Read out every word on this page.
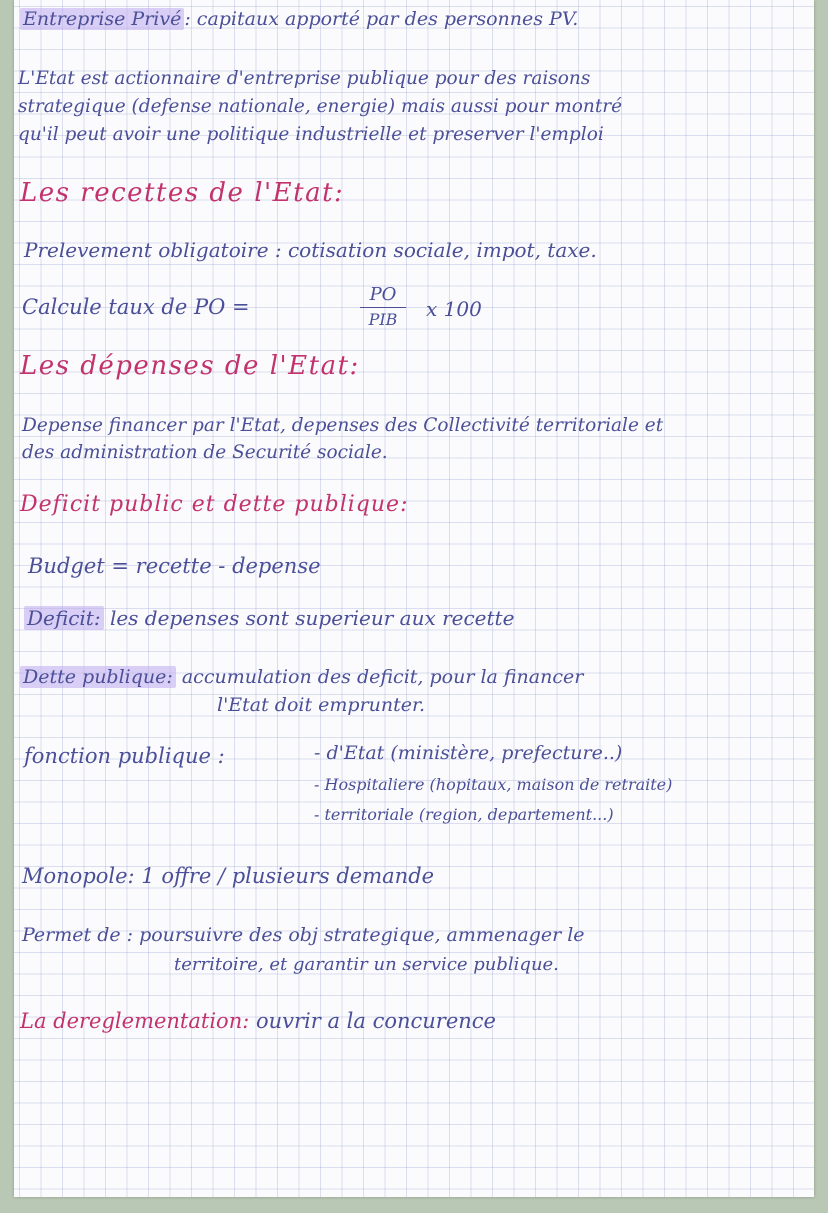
Entreprise Privé : capitaux apporté par des personnes PV.
L'Etat est actionnaire d'entreprise publique pour des raisons
strategique (defense nationale, energie) mais aussi pour montré
qu'il peut avoir une politique industrielle et preserver l'emploi
Les recettes de l'Etat:
Prelevement obligatoire : cotisation sociale, impot, taxe.
Calcule taux de PO =
PO
PIB	x 100
Les dépenses de l'Etat:
Depense financer par l'Etat, depenses des Collectivité territoriale et
des administration de Securité sociale.
Deficit public et dette publique:
Budget = recette - depense
Deficit: les depenses sont superieur aux recette
Dette publique: accumulation des deficit, pour la financer
l'Etat doit emprunter.
fonction publique :	- d'Etat (ministère, prefecture..)
- Hospitaliere (hopitaux, maison de retraite)
- territoriale (region, departement...)
Monopole: 1 offre / plusieurs demande
Permet de : poursuivre des obj strategique, ammenager le
territoire, et garantir un service publique.
La dereglementation: ouvrir a la concurence
